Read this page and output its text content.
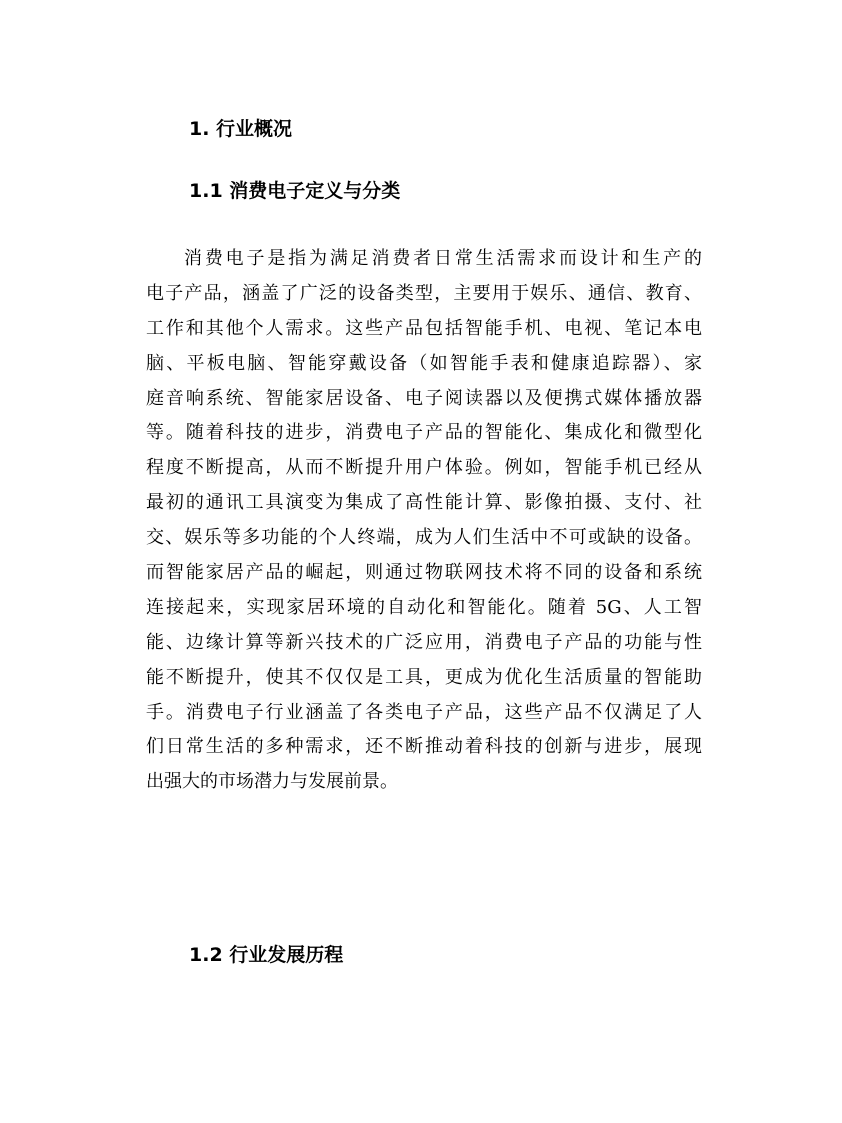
1. 行业概况
1.1 消费电子定义与分类
消费电子是指为满足消费者日常生活需求而设计和生产的
电子产品，涵盖了广泛的设备类型，主要用于娱乐、通信、教育、
工作和其他个人需求。这些产品包括智能手机、电视、笔记本电
脑、平板电脑、智能穿戴设备（如智能手表和健康追踪器）、家
庭音响系统、智能家居设备、电子阅读器以及便携式媒体播放器
等。随着科技的进步，消费电子产品的智能化、集成化和微型化
程度不断提高，从而不断提升用户体验。例如，智能手机已经从
最初的通讯工具演变为集成了高性能计算、影像拍摄、支付、社
交、娱乐等多功能的个人终端，成为人们生活中不可或缺的设备。
而智能家居产品的崛起，则通过物联网技术将不同的设备和系统
连接起来，实现家居环境的自动化和智能化。随着 5G、人工智
能、边缘计算等新兴技术的广泛应用，消费电子产品的功能与性
能不断提升，使其不仅仅是工具，更成为优化生活质量的智能助
手。消费电子行业涵盖了各类电子产品，这些产品不仅满足了人
们日常生活的多种需求，还不断推动着科技的创新与进步，展现
出强大的市场潜力与发展前景。
1.2 行业发展历程
